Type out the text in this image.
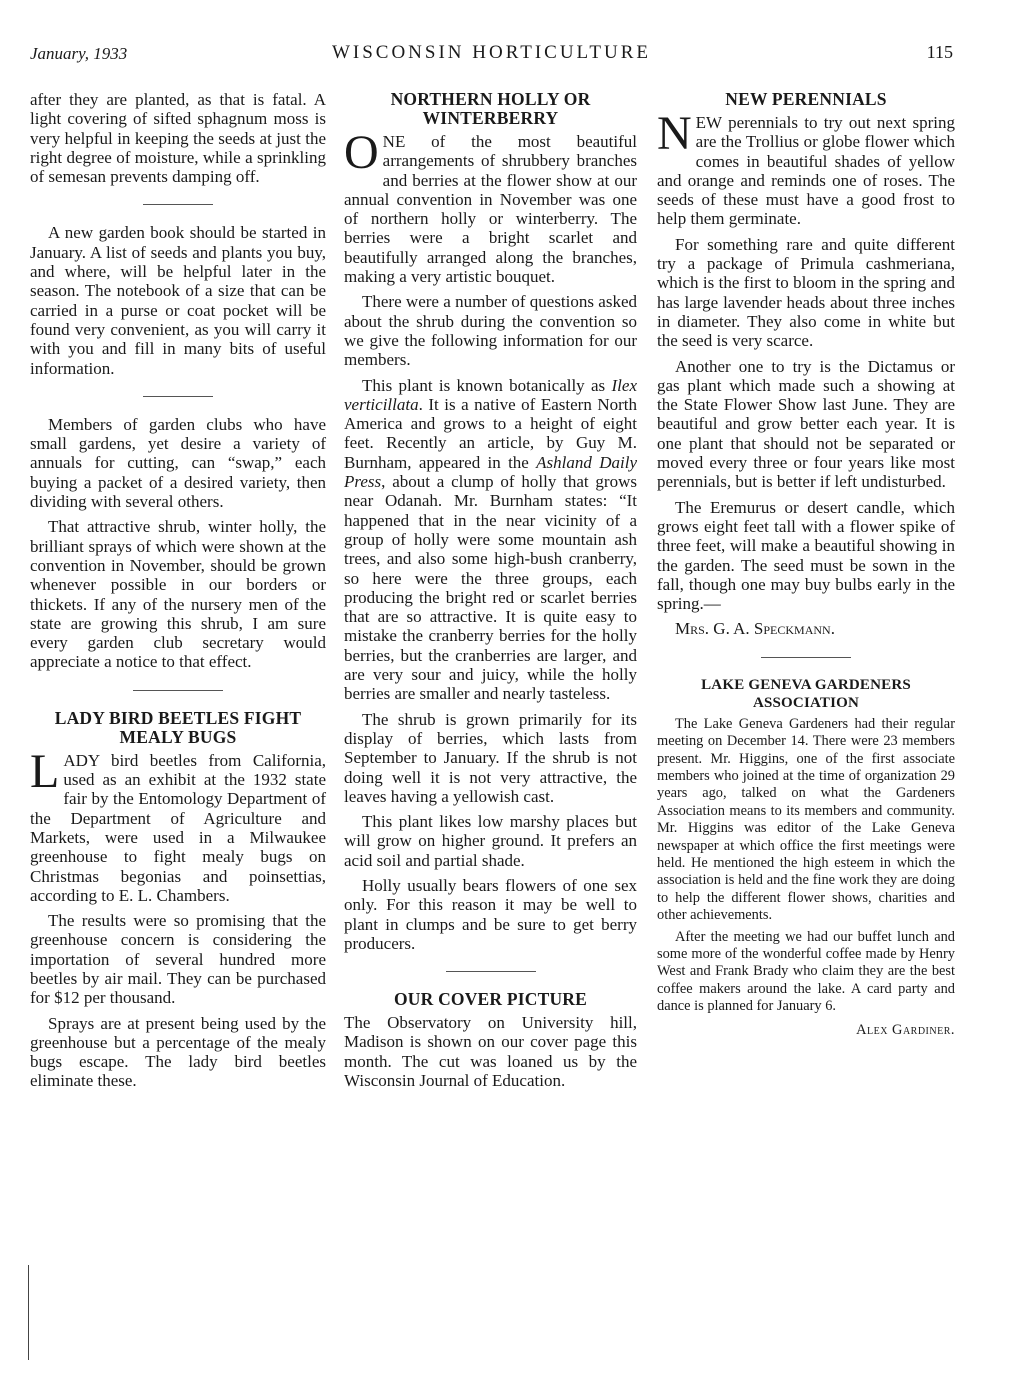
January, 1933	WISCONSIN HORTICULTURE	115

after they are planted, as that is fatal. A light covering of sifted sphagnum moss is very helpful in keeping the seeds at just the right degree of moisture, while a sprinkling of semesan prevents damping off.

A new garden book should be started in January. A list of seeds and plants you buy, and where, will be helpful later in the season. The notebook of a size that can be carried in a purse or coat pocket will be found very convenient, as you will carry it with you and fill in many bits of useful information.

Members of garden clubs who have small gardens, yet desire a variety of annuals for cutting, can “swap,” each buying a packet of a desired variety, then dividing with several others.

That attractive shrub, winter holly, the brilliant sprays of which were shown at the convention in November, should be grown whenever possible in our borders or thickets. If any of the nursery men of the state are growing this shrub, I am sure every garden club secretary would appreciate a notice to that effect.

LADY BIRD BEETLES FIGHT MEALY BUGS

LADY bird beetles from California, used as an exhibit at the 1932 state fair by the Entomology Department of the Department of Agriculture and Markets, were used in a Milwaukee greenhouse to fight mealy bugs on Christmas begonias and poinsettias, according to E. L. Chambers.

The results were so promising that the greenhouse concern is considering the importation of several hundred more beetles by air mail. They can be purchased for $12 per thousand.

Sprays are at present being used by the greenhouse but a percentage of the mealy bugs escape. The lady bird beetles eliminate these.

NORTHERN HOLLY OR WINTERBERRY

ONE of the most beautiful arrangements of shrubbery branches and berries at the flower show at our annual convention in November was one of northern holly or winterberry. The berries were a bright scarlet and beautifully arranged along the branches, making a very artistic bouquet.

There were a number of questions asked about the shrub during the convention so we give the following information for our members.

This plant is known botanically as Ilex verticillata. It is a native of Eastern North America and grows to a height of eight feet. Recently an article, by Guy M. Burnham, appeared in the Ashland Daily Press, about a clump of holly that grows near Odanah. Mr. Burnham states: “It happened that in the near vicinity of a group of holly were some mountain ash trees, and also some high-bush cranberry, so here were the three groups, each producing the bright red or scarlet berries that are so attractive. It is quite easy to mistake the cranberry berries for the holly berries, but the cranberries are larger, and are very sour and juicy, while the holly berries are smaller and nearly tasteless.

The shrub is grown primarily for its display of berries, which lasts from September to January. If the shrub is not doing well it is not very attractive, the leaves having a yellowish cast.

This plant likes low marshy places but will grow on higher ground. It prefers an acid soil and partial shade.

Holly usually bears flowers of one sex only. For this reason it may be well to plant in clumps and be sure to get berry producers.

OUR COVER PICTURE

The Observatory on University hill, Madison is shown on our cover page this month. The cut was loaned us by the Wisconsin Journal of Education.

NEW PERENNIALS

NEW perennials to try out next spring are the Trollius or globe flower which comes in beautiful shades of yellow and orange and reminds one of roses. The seeds of these must have a good frost to help them germinate.

For something rare and quite different try a package of Primula cashmeriana, which is the first to bloom in the spring and has large lavender heads about three inches in diameter. They also come in white but the seed is very scarce.

Another one to try is the Dictamus or gas plant which made such a showing at the State Flower Show last June. They are beautiful and grow better each year. It is one plant that should not be separated or moved every three or four years like most perennials, but is better if left undisturbed.

The Eremurus or desert candle, which grows eight feet tall with a flower spike of three feet, will make a beautiful showing in the garden. The seed must be sown in the fall, though one may buy bulbs early in the spring.—

Mrs. G. A. Speckmann.

LAKE GENEVA GARDENERS ASSOCIATION

The Lake Geneva Gardeners had their regular meeting on December 14. There were 23 members present. Mr. Higgins, one of the first associate members who joined at the time of organization 29 years ago, talked on what the Gardeners Association means to its members and community. Mr. Higgins was editor of the Lake Geneva newspaper at which office the first meetings were held. He mentioned the high esteem in which the association is held and the fine work they are doing to help the different flower shows, charities and other achievements.

After the meeting we had our buffet lunch and some more of the wonderful coffee made by Henry West and Frank Brady who claim they are the best coffee makers around the lake. A card party and dance is planned for January 6.

Alex Gardiner.
